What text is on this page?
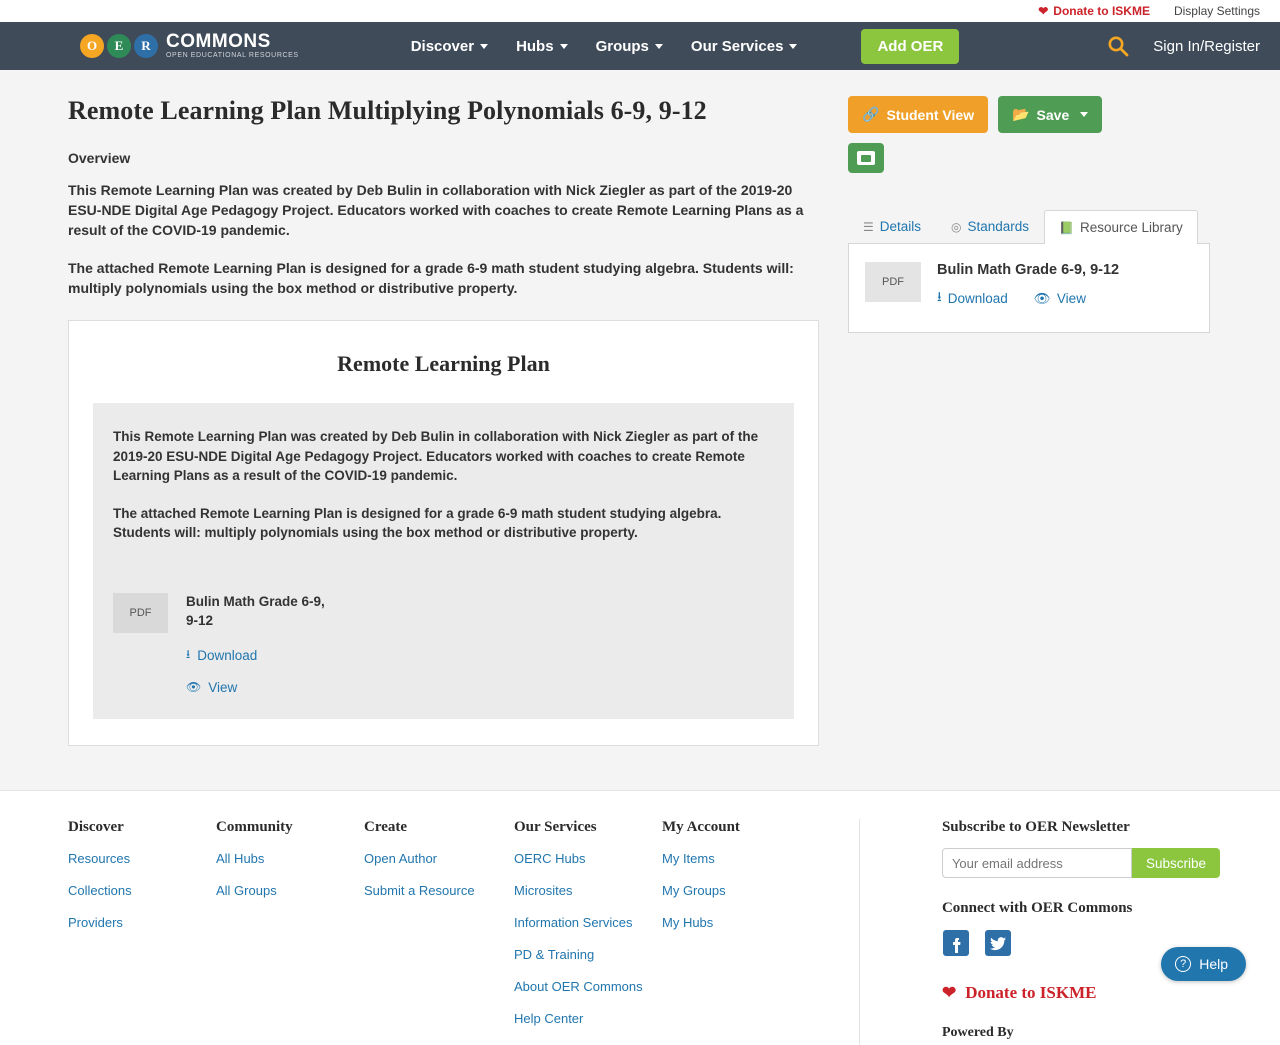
❤ Donate to ISKME Display Settings
O	E	R COMMONS
OPEN EDUCATIONAL RESOURCES
Discover	Hubs	Groups	Our Services	Add OER	Sign In/Register
Remote Learning Plan Multiplying Polynomials 6-9, 9-12
Overview

This Remote Learning Plan was created by Deb Bulin in collaboration with Nick Ziegler as part of the 2019-20 ESU-NDE Digital Age Pedagogy Project. Educators worked with coaches to create Remote Learning Plans as a result of the COVID-19 pandemic.

The attached Remote Learning Plan is designed for a grade 6-9 math student studying algebra. Students will: multiply polynomials using the box method or distributive property.

Remote Learning Plan

This Remote Learning Plan was created by Deb Bulin in collaboration with Nick Ziegler as part of the 2019-20 ESU-NDE Digital Age Pedagogy Project. Educators worked with coaches to create Remote Learning Plans as a result of the COVID-19 pandemic.

The attached Remote Learning Plan is designed for a grade 6-9 math student studying algebra. Students will: multiply polynomials using the box method or distributive property.

PDF
Bulin Math Grade 6-9, 9-12
⭳ Download
👁 View
🔗 Student View	📂 Save
☰ Details	◎ Standards	📗 Resource Library
PDF
Bulin Math Grade 6-9, 9-12
⭳ Download 👁 View
Discover
Resources
Collections
Providers
Community
All Hubs
All Groups
Create
Open Author
Submit a Resource
Our Services
OERC Hubs
Microsites
Information Services
PD & Training
About OER Commons
Help Center
My Account
My Items
My Groups
My Hubs
Subscribe to OER Newsletter
Your email address
Subscribe
Connect with OER Commons
❤ Donate to ISKME
Powered By
? Help
